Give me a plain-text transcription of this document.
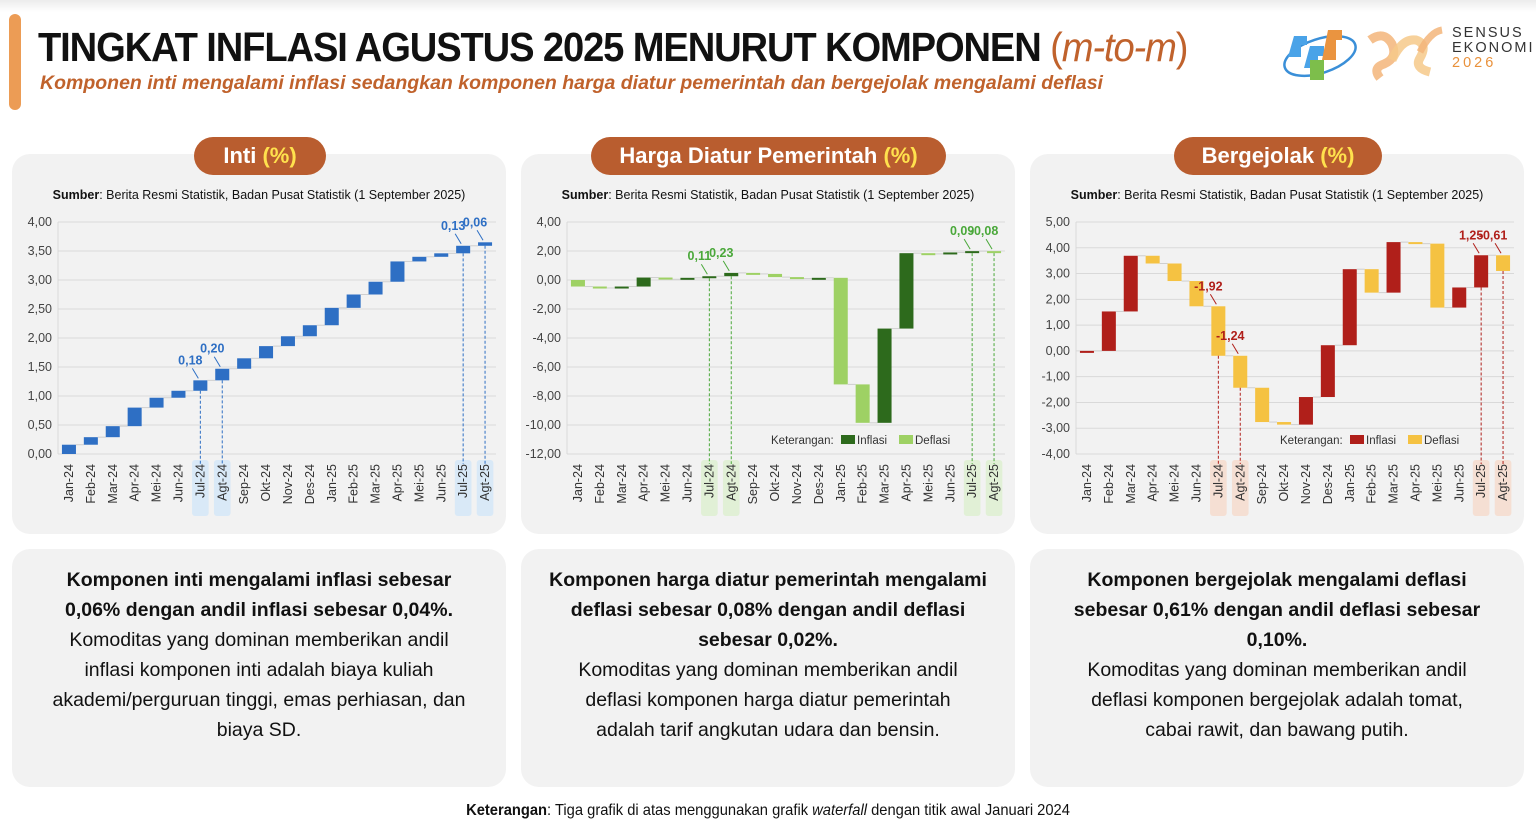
TINGKAT INFLASI AGUSTUS 2025 MENURUT KOMPONEN (m-to-m)
Komponen inti mengalami inflasi sedangkan komponen harga diatur pemerintah dan bergejolak mengalami deflasi
SENSUS
EKONOMI
2026
Sumber: Berita Resmi Statistik, Badan Pusat Statistik (1 September 2025)
0,00
0,50
1,00
1,50
2,00
2,50
3,00
3,50
4,00
0,18
0,20
0,13
0,06
Jan-24 Feb-24 Mar-24 Apr-24 Mei-24 Jun-24 Jul-24 Agt-24 Sep-24 Okt-24 Nov-24 Des-24 Jan-25 Feb-25 Mar-25 Apr-25 Mei-25 Jun-25 Jul-25 Agt-25
Sumber: Berita Resmi Statistik, Badan Pusat Statistik (1 September 2025)
-12,00
-10,00
-8,00
-6,00
-4,00
-2,00
0,00
2,00
4,00
0,11
0,23
0,09
-0,08
Jan-24 Feb-24 Mar-24 Apr-24 Mei-24 Jun-24 Jul-24 Agt-24 Sep-24 Okt-24 Nov-24 Des-24 Jan-25 Feb-25 Mar-25 Apr-25 Mei-25 Jun-25 Jul-25 Agt-25
Keterangan: Inflasi Deflasi
Sumber: Berita Resmi Statistik, Badan Pusat Statistik (1 September 2025)
-4,00
-3,00
-2,00
-1,00
0,00
1,00
2,00
3,00
4,00
5,00
-1,92
-1,24
1,25
-0,61
Jan-24 Feb-24 Mar-24 Apr-24 Mei-24 Jun-24 Jul-24 Agt-24 Sep-24 Okt-24 Nov-24 Des-24 Jan-25 Feb-25 Mar-25 Apr-25 Mei-25 Jun-25 Jul-25 Agt-25
Keterangan: Inflasi Deflasi
Inti (%)	Harga Diatur Pemerintah (%)	Bergejolak (%)
Komponen inti mengalami inflasi sebesar 0,06% dengan andil inflasi sebesar 0,04%.
Komoditas yang dominan memberikan andil inflasi komponen inti adalah biaya kuliah akademi/perguruan tinggi, emas perhiasan, dan biaya SD.
Komponen harga diatur pemerintah mengalami deflasi sebesar 0,08% dengan andil deflasi sebesar 0,02%.
Komoditas yang dominan memberikan andil deflasi komponen harga diatur pemerintah adalah tarif angkutan udara dan bensin.
Komponen bergejolak mengalami deflasi sebesar 0,61% dengan andil deflasi sebesar 0,10%.
Komoditas yang dominan memberikan andil deflasi komponen bergejolak adalah tomat, cabai rawit, dan bawang putih.
Keterangan: Tiga grafik di atas menggunakan grafik waterfall dengan titik awal Januari 2024
